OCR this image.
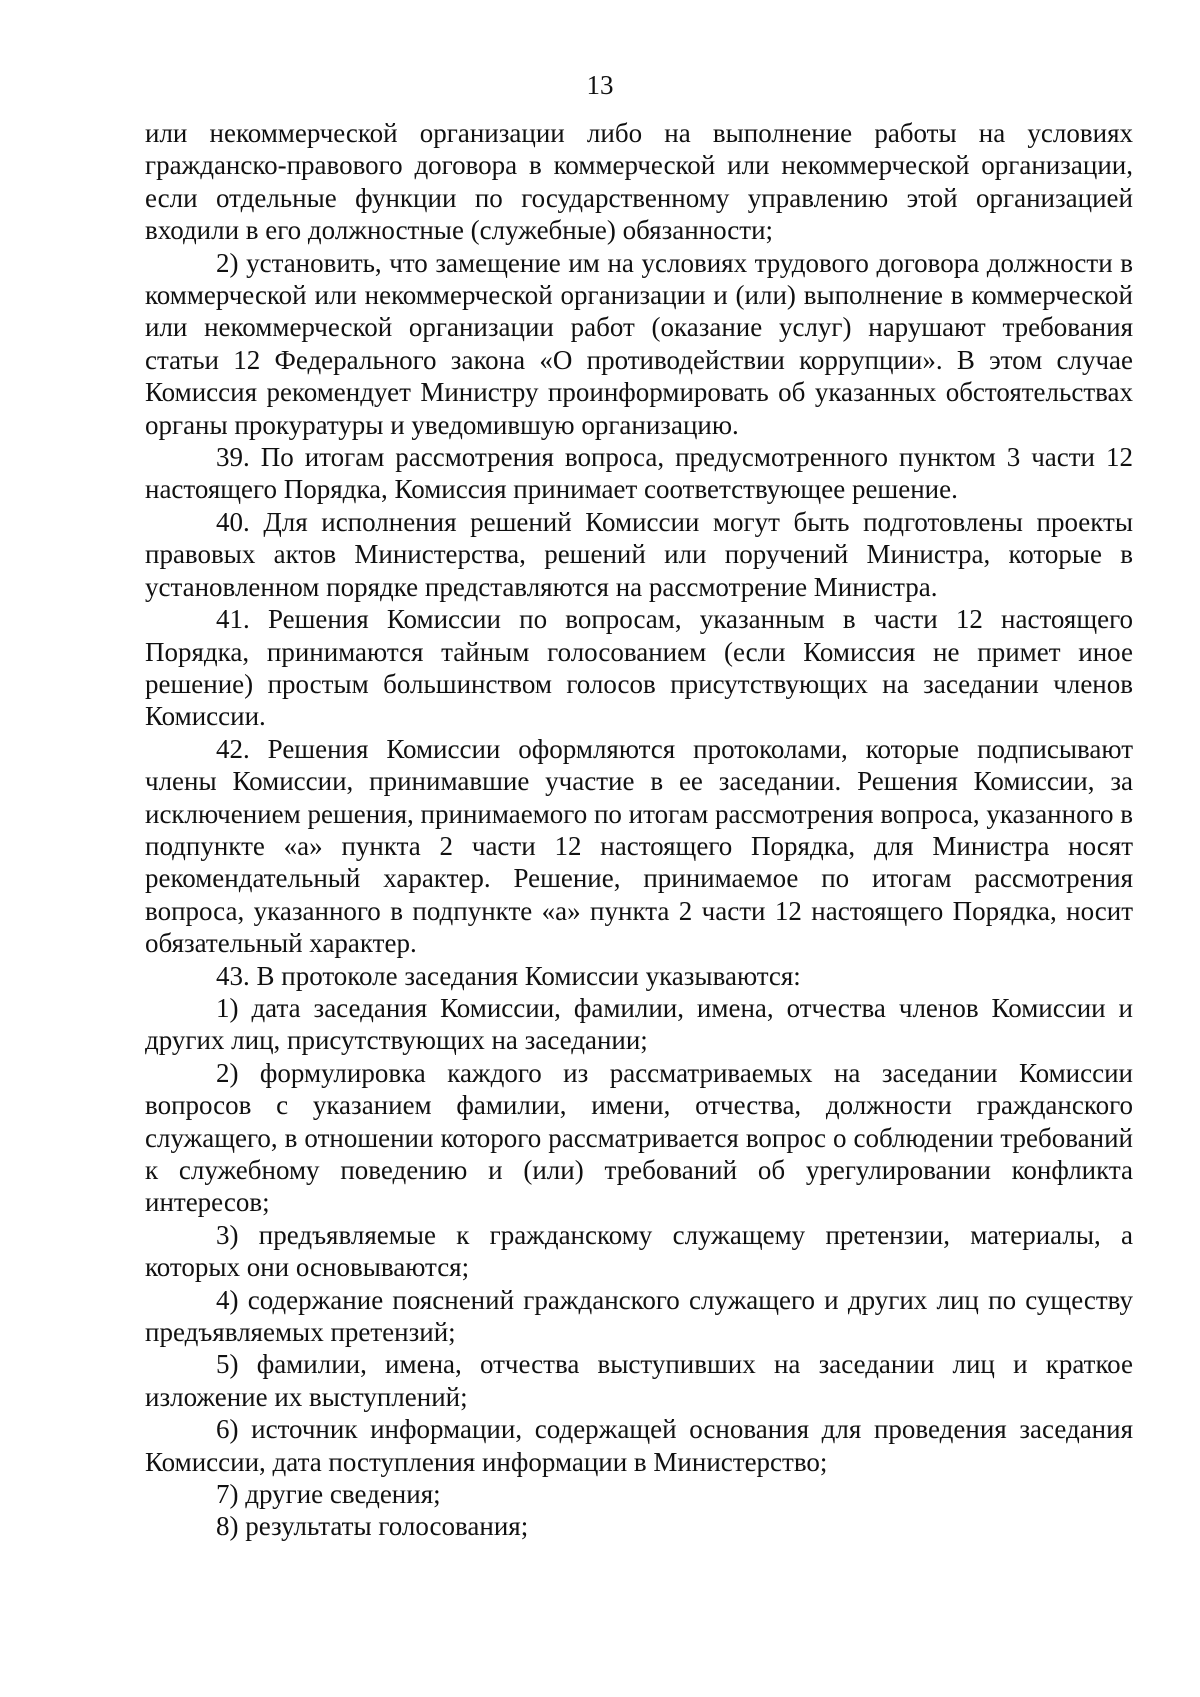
13

или некоммерческой организации либо на выполнение работы на условиях гражданско-правового договора в коммерческой или некоммерческой организации, если отдельные функции по государственному управлению этой организацией входили в его должностные (служебные) обязанности;

2) установить, что замещение им на условиях трудового договора должности в коммерческой или некоммерческой организации и (или) выполнение в коммерческой или некоммерческой организации работ (оказание услуг) нарушают требования статьи 12 Федерального закона «О противодействии коррупции». В этом случае Комиссия рекомендует Министру проинформировать об указанных обстоятельствах органы прокуратуры и уведомившую организацию.

39. По итогам рассмотрения вопроса, предусмотренного пунктом 3 части 12 настоящего Порядка, Комиссия принимает соответствующее решение.

40. Для исполнения решений Комиссии могут быть подготовлены проекты правовых актов Министерства, решений или поручений Министра, которые в установленном порядке представляются на рассмотрение Министра.

41. Решения Комиссии по вопросам, указанным в части 12 настоящего Порядка, принимаются тайным голосованием (если Комиссия не примет иное решение) простым большинством голосов присутствующих на заседании членов Комиссии.

42. Решения Комиссии оформляются протоколами, которые подписывают члены Комиссии, принимавшие участие в ее заседании. Решения Комиссии, за исключением решения, принимаемого по итогам рассмотрения вопроса, указанного в подпункте «а» пункта 2 части 12 настоящего Порядка, для Министра носят рекомендательный характер. Решение, принимаемое по итогам рассмотрения вопроса, указанного в подпункте «а» пункта 2 части 12 настоящего Порядка, носит обязательный характер.

43. В протоколе заседания Комиссии указываются:

1) дата заседания Комиссии, фамилии, имена, отчества членов Комиссии и других лиц, присутствующих на заседании;

2) формулировка каждого из рассматриваемых на заседании Комиссии вопросов с указанием фамилии, имени, отчества, должности гражданского служащего, в отношении которого рассматривается вопрос о соблюдении требований к служебному поведению и (или) требований об урегулировании конфликта интересов;

3) предъявляемые к гражданскому служащему претензии, материалы, а которых они основываются;

4) содержание пояснений гражданского служащего и других лиц по существу предъявляемых претензий;

5) фамилии, имена, отчества выступивших на заседании лиц и краткое изложение их выступлений;

6) источник информации, содержащей основания для проведения заседания Комиссии, дата поступления информации в Министерство;

7) другие сведения;

8) результаты голосования;
